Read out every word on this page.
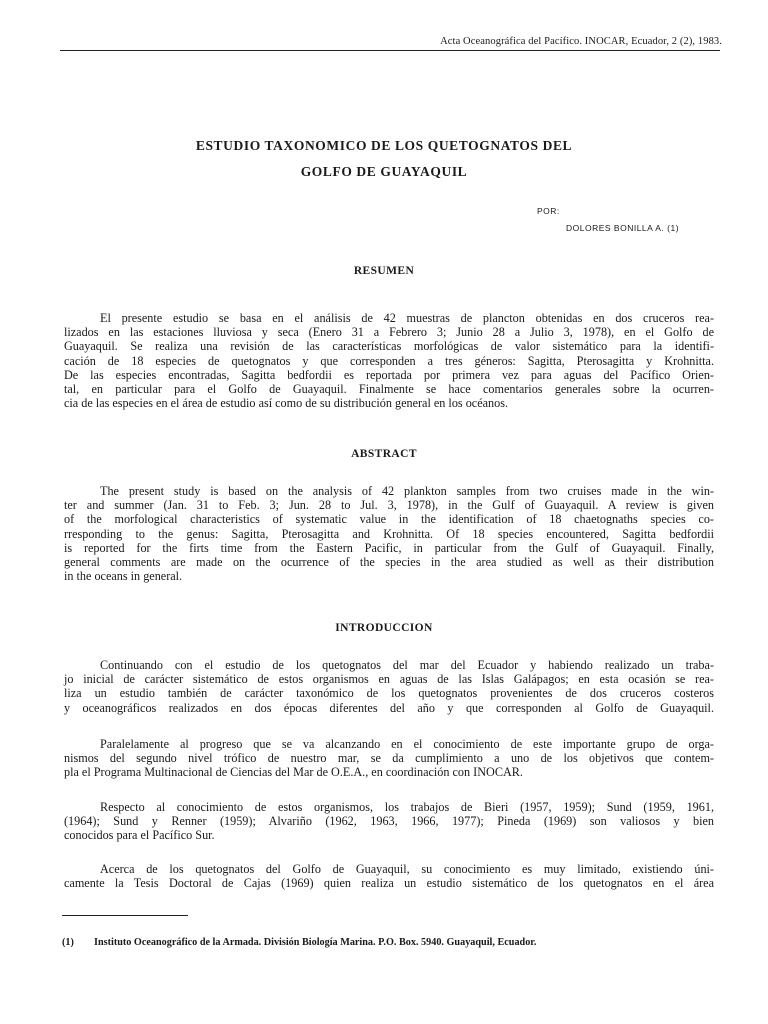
Acta Oceanográfica del Pacífico. INOCAR, Ecuador, 2 (2), 1983.
ESTUDIO TAXONOMICO DE LOS QUETOGNATOS DEL
GOLFO DE GUAYAQUIL
POR:
DOLORES BONILLA A. (1)
RESUMEN
El presente estudio se basa en el análisis de 42 muestras de plancton obtenidas en dos cruceros rea-
lizados en las estaciones lluviosa y seca (Enero 31 a Febrero 3; Junio 28 a Julio 3, 1978), en el Golfo de
Guayaquil. Se realiza una revisión de las características morfológicas de valor sistemático para la identifi-
cación de 18 especies de quetognatos y que corresponden a tres géneros: Sagitta, Pterosagitta y Krohnitta.
De las especies encontradas, Sagitta bedfordii es reportada por primera vez para aguas del Pacífico Orien-
tal, en particular para el Golfo de Guayaquil. Finalmente se hace comentarios generales sobre la ocurren-
cia de las especies en el área de estudio así como de su distribución general en los océanos.
ABSTRACT
The present study is based on the analysis of 42 plankton samples from two cruises made in the win-
ter and summer (Jan. 31 to Feb. 3; Jun. 28 to Jul. 3, 1978), in the Gulf of Guayaquil. A review is given
of the morfological characteristics of systematic value in the identification of 18 chaetognaths species co-
rresponding to the genus: Sagitta, Pterosagitta and Krohnitta. Of 18 species encountered, Sagitta bedfordii
is reported for the firts time from the Eastern Pacific, in particular from the Gulf of Guayaquil. Finally,
general comments are made on the ocurrence of the species in the area studied as well as their distribution
in the oceans in general.
INTRODUCCION
Continuando con el estudio de los quetognatos del mar del Ecuador y habiendo realizado un traba-
jo inicial de carácter sistemático de estos organismos en aguas de las Islas Galápagos; en esta ocasión se rea-
liza un estudio también de carácter taxonómico de los quetognatos provenientes de dos cruceros costeros
y oceanográficos realizados en dos épocas diferentes del año y que corresponden al Golfo de Guayaquil.
Paralelamente al progreso que se va alcanzando en el conocimiento de este importante grupo de orga-
nismos del segundo nivel trófico de nuestro mar, se da cumplimiento a uno de los objetivos que contem-
pla el Programa Multinacional de Ciencias del Mar de O.E.A., en coordinación con INOCAR.
Respecto al conocimiento de estos organismos, los trabajos de Bieri (1957, 1959); Sund (1959, 1961,
(1964); Sund y Renner (1959); Alvariño (1962, 1963, 1966, 1977); Pineda (1969) son valiosos y bien
conocidos para el Pacífico Sur.
Acerca de los quetognatos del Golfo de Guayaquil, su conocimiento es muy limitado, existiendo úni-
camente la Tesis Doctoral de Cajas (1969) quien realiza un estudio sistemático de los quetognatos en el área
(1) Instituto Oceanográfico de la Armada. División Biología Marina. P.O. Box. 5940. Guayaquil, Ecuador.
